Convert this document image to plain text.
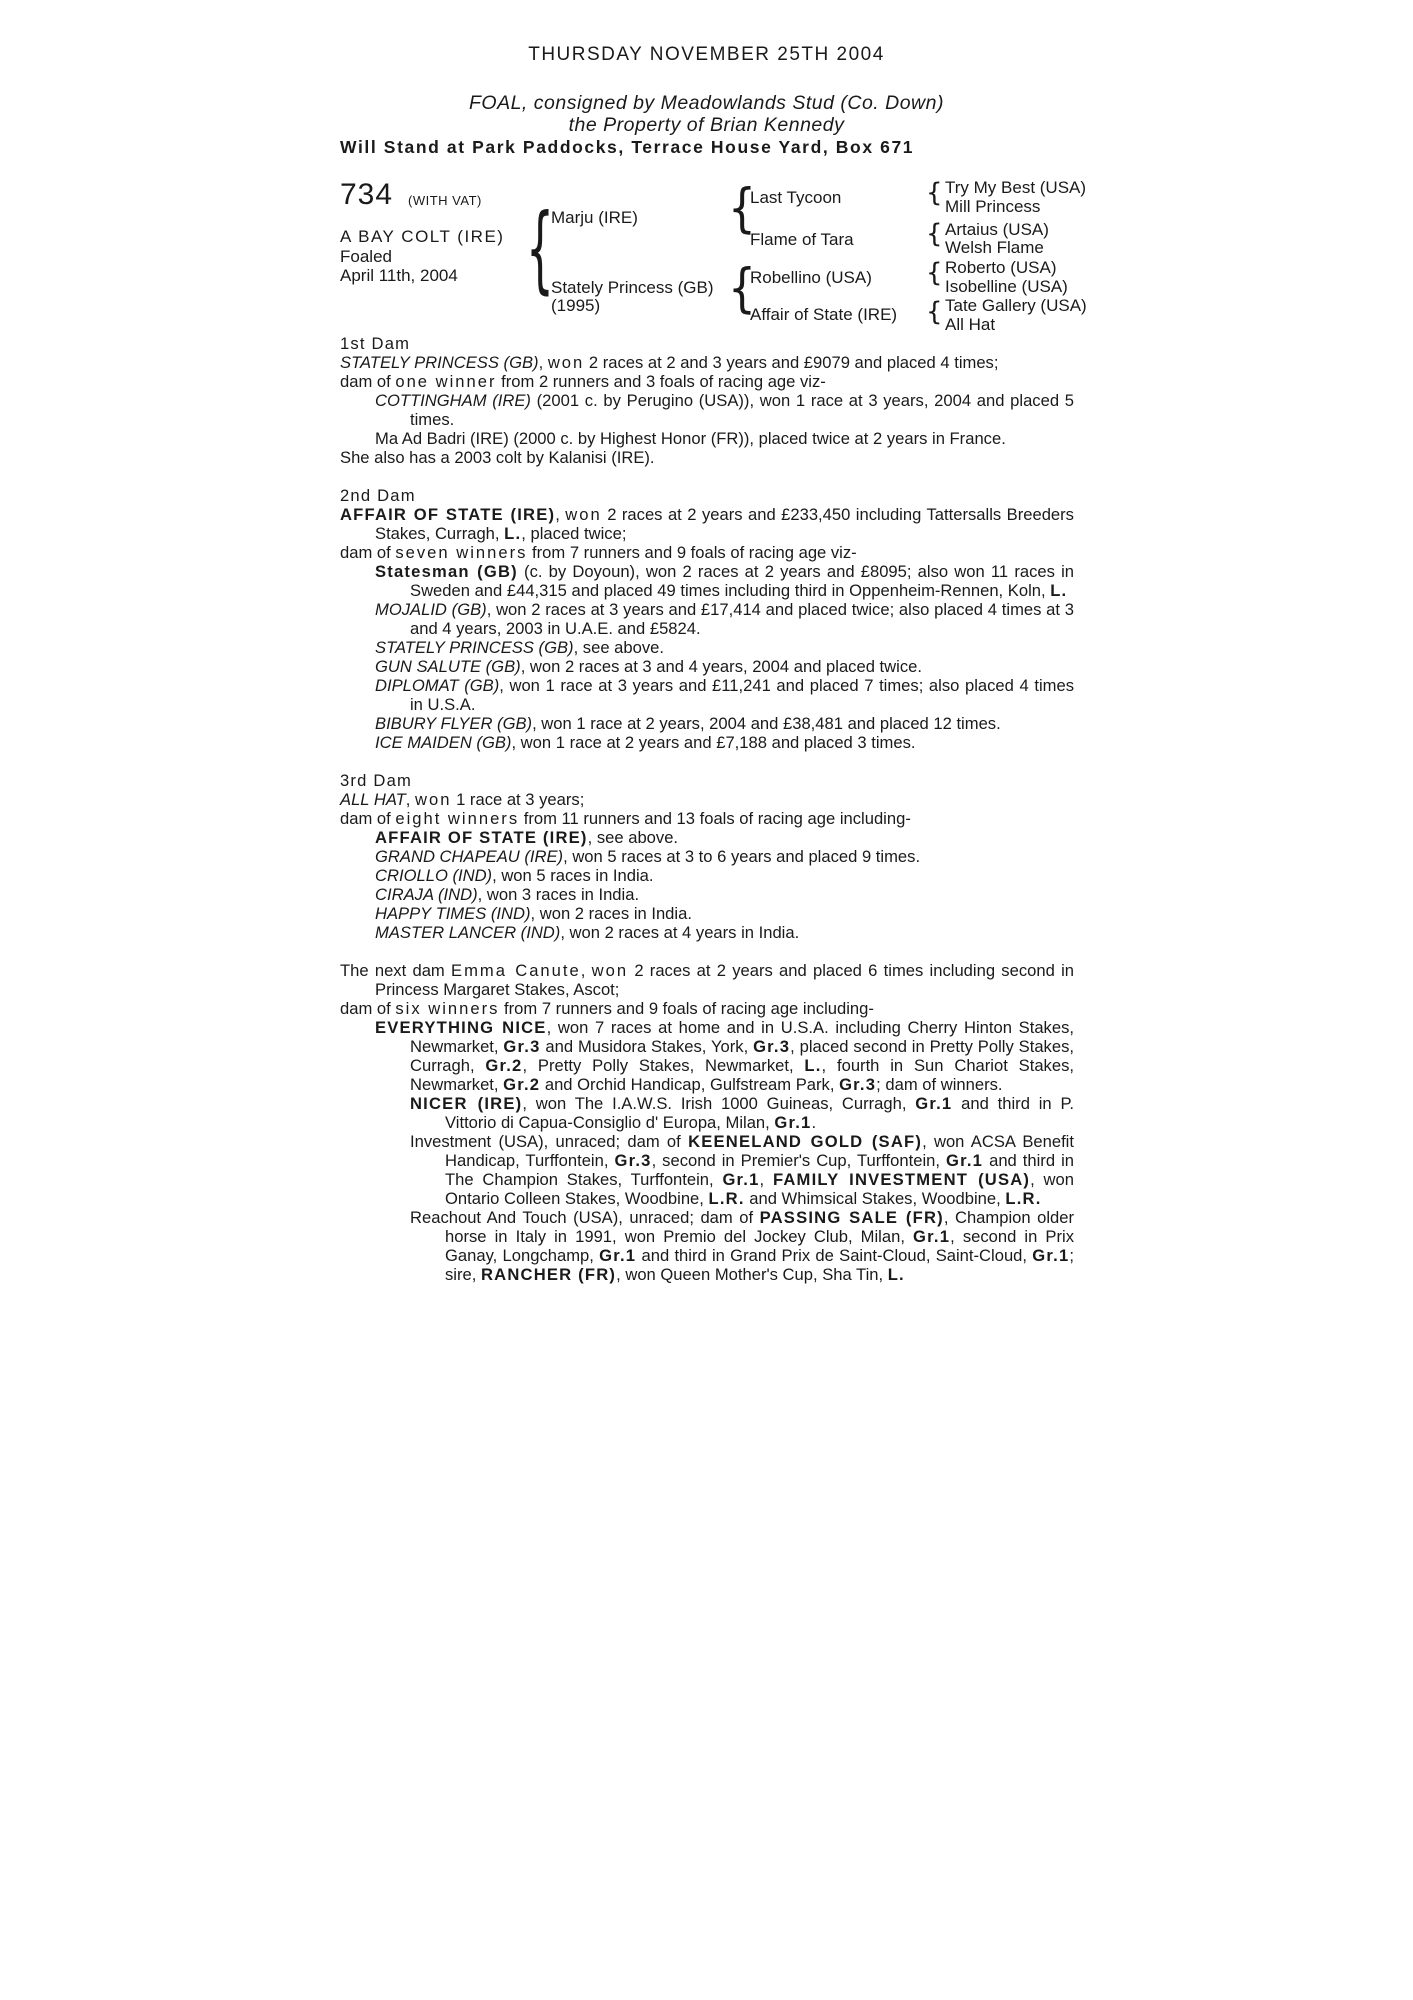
THURSDAY NOVEMBER 25TH 2004
FOAL, consigned by Meadowlands Stud (Co. Down)
the Property of Brian Kennedy
Will Stand at Park Paddocks, Terrace House Yard, Box 671
734 (WITH VAT)
A BAY COLT (IRE)
Foaled
April 11th, 2004 {
Marju (IRE)
Stately Princess (GB)
(1995)
{
{
Last Tycoon
Flame of Tara
Robellino (USA)
Affair of State (IRE)
{
{
{
{
Try My Best (USA)
Mill Princess
Artaius (USA)
Welsh Flame
Roberto (USA)
Isobelline (USA)
Tate Gallery (USA)
All Hat
1st Dam
STATELY PRINCESS (GB), won 2 races at 2 and 3 years and £9079 and placed 4 times;
dam of one winner from 2 runners and 3 foals of racing age viz-
COTTINGHAM (IRE) (2001 c. by Perugino (USA)), won 1 race at 3 years, 2004 and placed 5 times.
Ma Ad Badri (IRE) (2000 c. by Highest Honor (FR)), placed twice at 2 years in France.
She also has a 2003 colt by Kalanisi (IRE).
2nd Dam
AFFAIR OF STATE (IRE), won 2 races at 2 years and £233,450 including Tattersalls Breeders Stakes, Curragh, L., placed twice;
dam of seven winners from 7 runners and 9 foals of racing age viz-
Statesman (GB) (c. by Doyoun), won 2 races at 2 years and £8095; also won 11 races in Sweden and £44,315 and placed 49 times including third in Oppenheim-Rennen, Koln, L.
MOJALID (GB), won 2 races at 3 years and £17,414 and placed twice; also placed 4 times at 3 and 4 years, 2003 in U.A.E. and £5824.
STATELY PRINCESS (GB), see above.
GUN SALUTE (GB), won 2 races at 3 and 4 years, 2004 and placed twice.
DIPLOMAT (GB), won 1 race at 3 years and £11,241 and placed 7 times; also placed 4 times in U.S.A.
BIBURY FLYER (GB), won 1 race at 2 years, 2004 and £38,481 and placed 12 times.
ICE MAIDEN (GB), won 1 race at 2 years and £7,188 and placed 3 times.
3rd Dam
ALL HAT, won 1 race at 3 years;
dam of eight winners from 11 runners and 13 foals of racing age including-
AFFAIR OF STATE (IRE), see above.
GRAND CHAPEAU (IRE), won 5 races at 3 to 6 years and placed 9 times.
CRIOLLO (IND), won 5 races in India.
CIRAJA (IND), won 3 races in India.
HAPPY TIMES (IND), won 2 races in India.
MASTER LANCER (IND), won 2 races at 4 years in India.
The next dam Emma Canute, won 2 races at 2 years and placed 6 times including second in Princess Margaret Stakes, Ascot;
dam of six winners from 7 runners and 9 foals of racing age including-
EVERYTHING NICE, won 7 races at home and in U.S.A. including Cherry Hinton Stakes, Newmarket, Gr.3 and Musidora Stakes, York, Gr.3, placed second in Pretty Polly Stakes, Curragh, Gr.2, Pretty Polly Stakes, Newmarket, L., fourth in Sun Chariot Stakes, Newmarket, Gr.2 and Orchid Handicap, Gulfstream Park, Gr.3; dam of winners.
NICER (IRE), won The I.A.W.S. Irish 1000 Guineas, Curragh, Gr.1 and third in P. Vittorio di Capua-Consiglio d' Europa, Milan, Gr.1.
Investment (USA), unraced; dam of KEENELAND GOLD (SAF), won ACSA Benefit Handicap, Turffontein, Gr.3, second in Premier's Cup, Turffontein, Gr.1 and third in The Champion Stakes, Turffontein, Gr.1, FAMILY INVESTMENT (USA), won Ontario Colleen Stakes, Woodbine, L.R. and Whimsical Stakes, Woodbine, L.R.
Reachout And Touch (USA), unraced; dam of PASSING SALE (FR), Champion older horse in Italy in 1991, won Premio del Jockey Club, Milan, Gr.1, second in Prix Ganay, Longchamp, Gr.1 and third in Grand Prix de Saint-Cloud, Saint-Cloud, Gr.1; sire, RANCHER (FR), won Queen Mother's Cup, Sha Tin, L.
